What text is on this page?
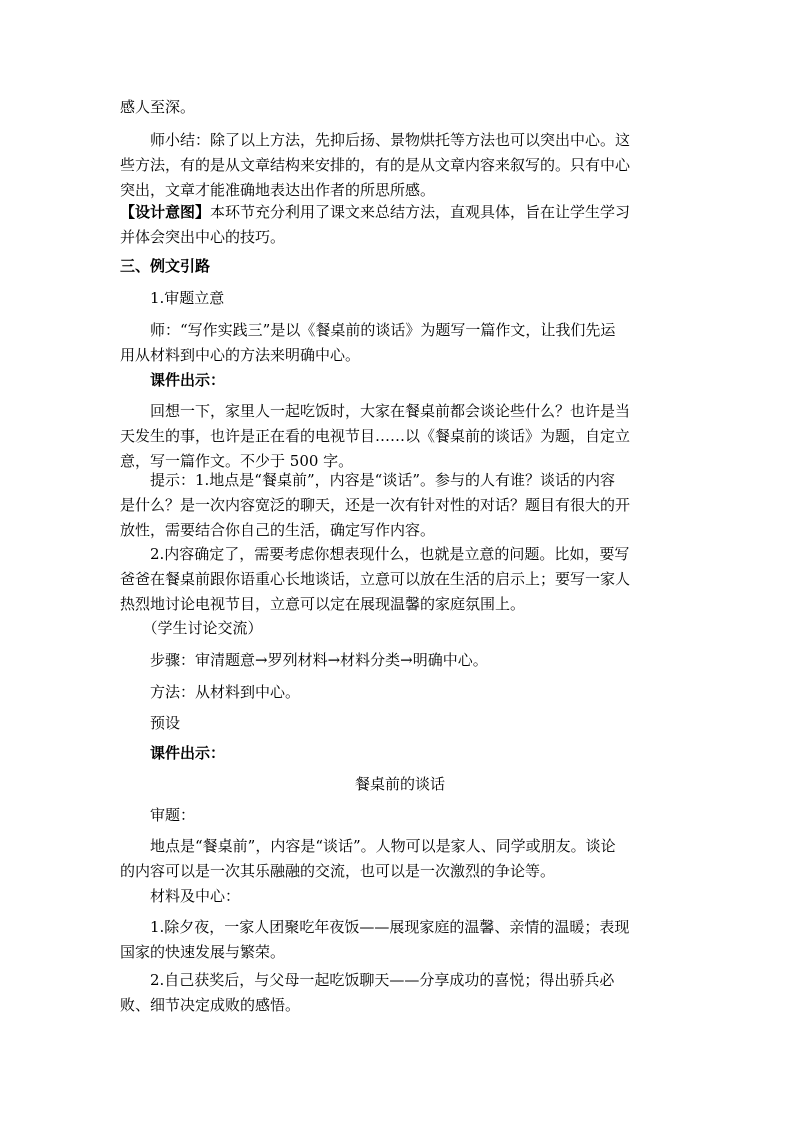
感人至深。

　　师小结：除了以上方法，先抑后扬、景物烘托等方法也可以突出中心。这
些方法，有的是从文章结构来安排的，有的是从文章内容来叙写的。只有中心
突出，文章才能准确地表达出作者的所思所感。

【设计意图】本环节充分利用了课文来总结方法，直观具体，旨在让学生学习
并体会突出中心的技巧。

三、例文引路

　　1.审题立意

　　师：“写作实践三”是以《餐桌前的谈话》为题写一篇作文，让我们先运
用从材料到中心的方法来明确中心。

　　课件出示：

　　回想一下，家里人一起吃饭时，大家在餐桌前都会谈论些什么？也许是当
天发生的事，也许是正在看的电视节目……以《餐桌前的谈话》为题，自定立
意，写一篇作文。不少于 500 字。

　　提示：1.地点是“餐桌前”，内容是“谈话”。参与的人有谁？谈话的内容
是什么？是一次内容宽泛的聊天，还是一次有针对性的对话？题目有很大的开
放性，需要结合你自己的生活，确定写作内容。

　　2.内容确定了，需要考虑你想表现什么，也就是立意的问题。比如，要写
爸爸在餐桌前跟你语重心长地谈话，立意可以放在生活的启示上；要写一家人
热烈地讨论电视节目，立意可以定在展现温馨的家庭氛围上。

　　（学生讨论交流）

　　步骤：审清题意→罗列材料→材料分类→明确中心。

　　方法：从材料到中心。

　　预设

　　课件出示：

餐桌前的谈话

　　审题：

　　地点是“餐桌前”，内容是“谈话”。人物可以是家人、同学或朋友。谈论
的内容可以是一次其乐融融的交流，也可以是一次激烈的争论等。

　　材料及中心：

　　1.除夕夜，一家人团聚吃年夜饭——展现家庭的温馨、亲情的温暖；表现
国家的快速发展与繁荣。

　　2.自己获奖后，与父母一起吃饭聊天——分享成功的喜悦；得出骄兵必
败、细节决定成败的感悟。
